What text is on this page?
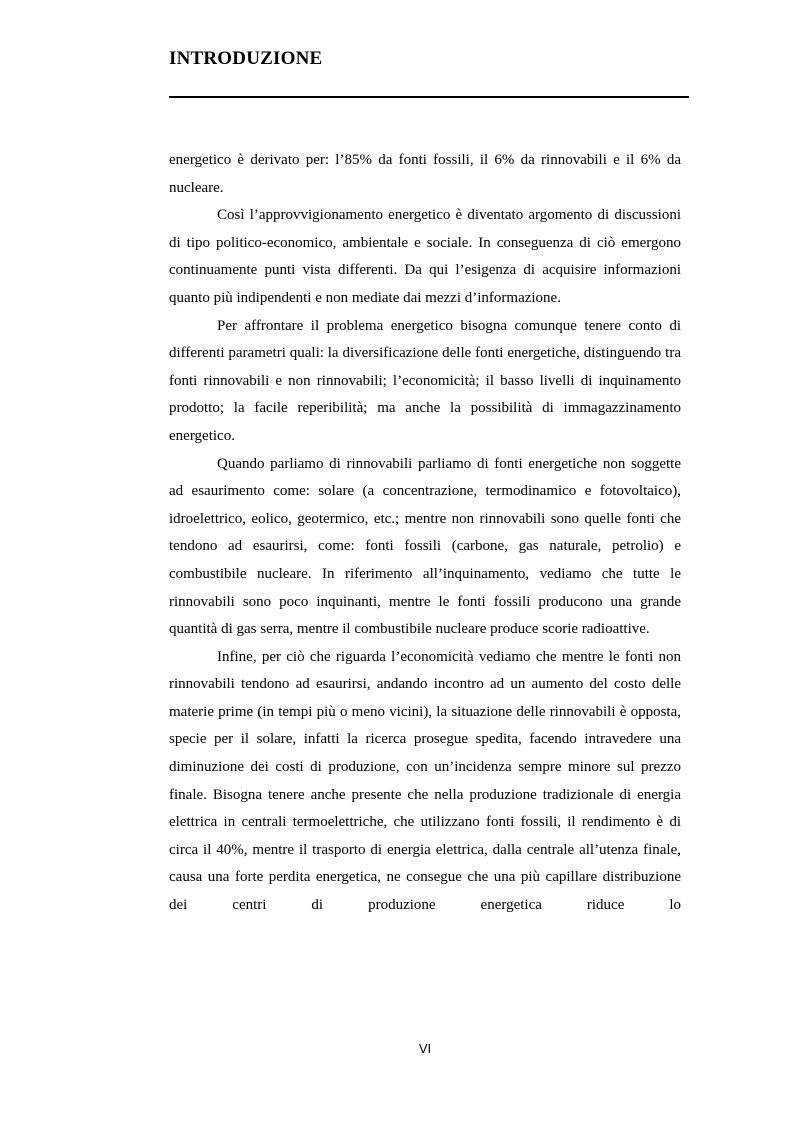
INTRODUZIONE

energetico è derivato per: l’85% da fonti fossili, il 6% da rinnovabili e il 6% da nucleare.

Così l’approvvigionamento energetico è diventato argomento di discussioni di tipo politico-economico, ambientale e sociale. In conseguenza di ciò emergono continuamente punti vista differenti. Da qui l’esigenza di acquisire informazioni quanto più indipendenti e non mediate dai mezzi d’informazione.

Per affrontare il problema energetico bisogna comunque tenere conto di differenti parametri quali: la diversificazione delle fonti energetiche, distinguendo tra fonti rinnovabili e non rinnovabili; l’economicità; il basso livelli di inquinamento prodotto; la facile reperibilità; ma anche la possibilità di immagazzinamento energetico.

Quando parliamo di rinnovabili parliamo di fonti energetiche non soggette ad esaurimento come: solare (a concentrazione, termodinamico e fotovoltaico), idroelettrico, eolico, geotermico, etc.; mentre non rinnovabili sono quelle fonti che tendono ad esaurirsi, come: fonti fossili (carbone, gas naturale, petrolio) e combustibile nucleare. In riferimento all’inquinamento, vediamo che tutte le rinnovabili sono poco inquinanti, mentre le fonti fossili producono una grande quantità di gas serra, mentre il combustibile nucleare produce scorie radioattive.

Infine, per ciò che riguarda l’economicità vediamo che mentre le fonti non rinnovabili tendono ad esaurirsi, andando incontro ad un aumento del costo delle materie prime (in tempi più o meno vicini), la situazione delle rinnovabili è opposta, specie per il solare, infatti la ricerca prosegue spedita, facendo intravedere una diminuzione dei costi di produzione, con un’incidenza sempre minore sul prezzo finale. Bisogna tenere anche presente che nella produzione tradizionale di energia elettrica in centrali termoelettriche, che utilizzano fonti fossili, il rendimento è di circa il 40%, mentre il trasporto di energia elettrica, dalla centrale all’utenza finale, causa una forte perdita energetica, ne consegue che una più capillare distribuzione dei centri di produzione energetica riduce lo

VI
